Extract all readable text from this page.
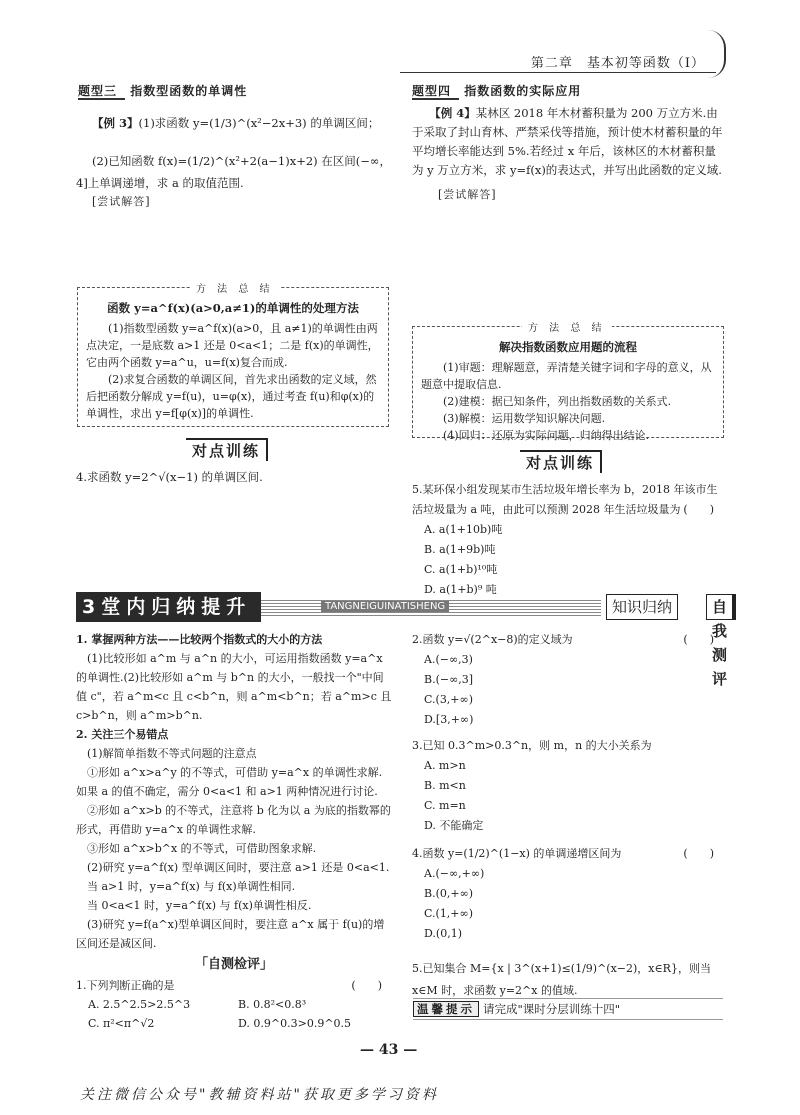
第二章　基本初等函数（Ⅰ）
题型三 指数型函数的单调性
【例 3】(1)求函数 y=(1/3)^(x²−2x+3) 的单调区间；
(2)已知函数 f(x)=(1/2)^(x²+2(a−1)x+2) 在区间(−∞，
4]上单调递增，求 a 的取值范围.
[尝试解答]
函数 y=a^f(x)(a>0,a≠1)的单调性的处理方法

(1)指数型函数 y=a^f(x)(a>0，且 a≠1)的单调性由两点决定，一是底数 a>1 还是 0<a<1；二是 f(x)的单调性，它由两个函数 y=a^u，u=f(x)复合而成.

(2)求复合函数的单调区间，首先求出函数的定义域，然后把函数分解成 y=f(u)，u=φ(x)，通过考查 f(u)和φ(x)的单调性，求出 y=f[φ(x)]的单调性.

方 法 总 结
对点训练
4.求函数 y=2^√(x−1) 的单调区间.
题型四 指数函数的实际应用
【例 4】某林区 2018 年木材蓄积量为 200 万立方米.由于采取了封山育林、严禁采伐等措施，预计使木材蓄积量的年平均增长率能达到 5%.若经过 x 年后，该林区的木材蓄积量为 y 万立方米，求 y=f(x)的表达式，并写出此函数的定义域.
[尝试解答]
解决指数函数应用题的流程

(1)审题：理解题意，弄清楚关键字词和字母的意义，从题意中提取信息.

(2)建模：据已知条件，列出指数函数的关系式.

(3)解模：运用数学知识解决问题.

(4)回归：还原为实际问题，归纳得出结论.

方 法 总 结
对点训练
5.某环保小组发现某市生活垃圾年增长率为 b，2018 年该市生活垃圾量为 a 吨，由此可以预测 2028 年生活垃圾量为 (　　)
A. a(1+10b)吨B. a(1+9b)吨
C. a(1+b)¹⁰吨D. a(1+b)⁹ 吨
3堂内归纳提升	TANGNEIGUINATISHENG	知识归纳	自我测评
1. 掌握两种方法——比较两个指数式的大小的方法
(1)比较形如 a^m 与 a^n 的大小，可运用指数函数 y=a^x 的单调性.(2)比较形如 a^m 与 b^n 的大小，一般找一个"中间值 c"，若 a^m<c 且 c<b^n，则 a^m<b^n；若 a^m>c 且 c>b^n，则 a^m>b^n.
2. 关注三个易错点
(1)解简单指数不等式问题的注意点
①形如 a^x>a^y 的不等式，可借助 y=a^x 的单调性求解.如果 a 的值不确定，需分 0<a<1 和 a>1 两种情况进行讨论.
②形如 a^x>b 的不等式，注意将 b 化为以 a 为底的指数幂的形式，再借助 y=a^x 的单调性求解.
③形如 a^x>b^x 的不等式，可借助图象求解.
(2)研究 y=a^f(x) 型单调区间时，要注意 a>1 还是 0<a<1.
当 a>1 时，y=a^f(x) 与 f(x)单调性相同.
当 0<a<1 时，y=a^f(x) 与 f(x)单调性相反.
(3)研究 y=f(a^x)型单调区间时，要注意 a^x 属于 f(u)的增区间还是减区间.
「自测检评」
1.下列判断正确的是	(　　)
A. 2.5^2.5>2.5^3	B. 0.8²<0.8³
C. π²<π^√2	D. 0.9^0.3>0.9^0.5
2.函数 y=√(2^x−8)的定义域为	(　　)
A.(−∞,3)B.(−∞,3]
C.(3,+∞)D.[3,+∞)
3.已知 0.3^m>0.3^n，则 m，n 的大小关系为
A. m>nB. m<n
C. m=nD. 不能确定
4.函数 y=(1/2)^(1−x) 的单调递增区间为	(　　)
A.(−∞,+∞)B.(0,+∞)
C.(1,+∞)D.(0,1)
5.已知集合 M={x | 3^(x+1)≤(1/9)^(x−2)，x∈R}，则当 x∈M 时，求函数 y=2^x 的值域.
温馨提示 请完成"课时分层训练十四"
— 43 —
关注微信公众号"教辅资料站"获取更多学习资料
